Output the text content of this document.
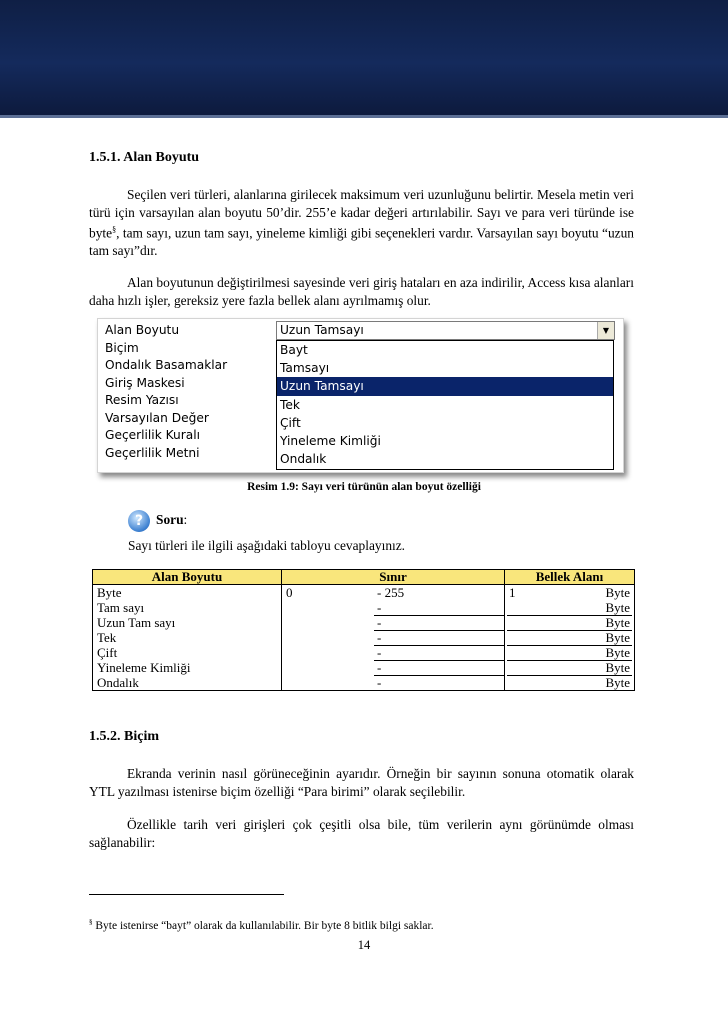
1.5.1. Alan Boyutu

Seçilen veri türleri, alanlarına girilecek maksimum veri uzunluğunu belirtir. Mesela metin veri türü için varsayılan alan boyutu 50’dir. 255’e kadar değeri artırılabilir. Sayı ve para veri türünde ise byte§, tam sayı, uzun tam sayı, yineleme kimliği gibi seçenekleri vardır. Varsayılan sayı boyutu “uzun tam sayı”dır.

Alan boyutunun değiştirilmesi sayesinde veri giriş hataları en aza indirilir, Access kısa alanları daha hızlı işler, gereksiz yere fazla bellek alanı ayrılmamış olur.

Alan Boyutu
Biçim
Ondalık Basamaklar
Giriş Maskesi
Resim Yazısı
Varsayılan Değer
Geçerlilik Kuralı
Geçerlilik Metni
Uzun Tamsayı	▼
Bayt
Tamsayı
Uzun Tamsayı
Tek
Çift
Yineleme Kimliği
Ondalık
Resim 1.9: Sayı veri türünün alan boyut özelliği
? Soru:
Sayı türleri ile ilgili aşağıdaki tabloyu cevaplayınız.
Alan Boyutu	Sınır	Bellek Alanı
Byte	0 - 255	1 Byte

Tam sayı	-	Byte

Uzun Tam sayı	-	Byte

Tek	-	Byte

Çift	-	Byte

Yineleme Kimliği	-	Byte

Ondalık	-	Byte
1.5.2. Biçim

Ekranda verinin nasıl görüneceğinin ayarıdır. Örneğin bir sayının sonuna otomatik olarak YTL yazılması istenirse biçim özelliği “Para birimi” olarak seçilebilir.

Özellikle tarih veri girişleri çok çeşitli olsa bile, tüm verilerin aynı görünümde olması sağlanabilir:

§ Byte istenirse “bayt” olarak da kullanılabilir. Bir byte 8 bitlik bilgi saklar.
14
